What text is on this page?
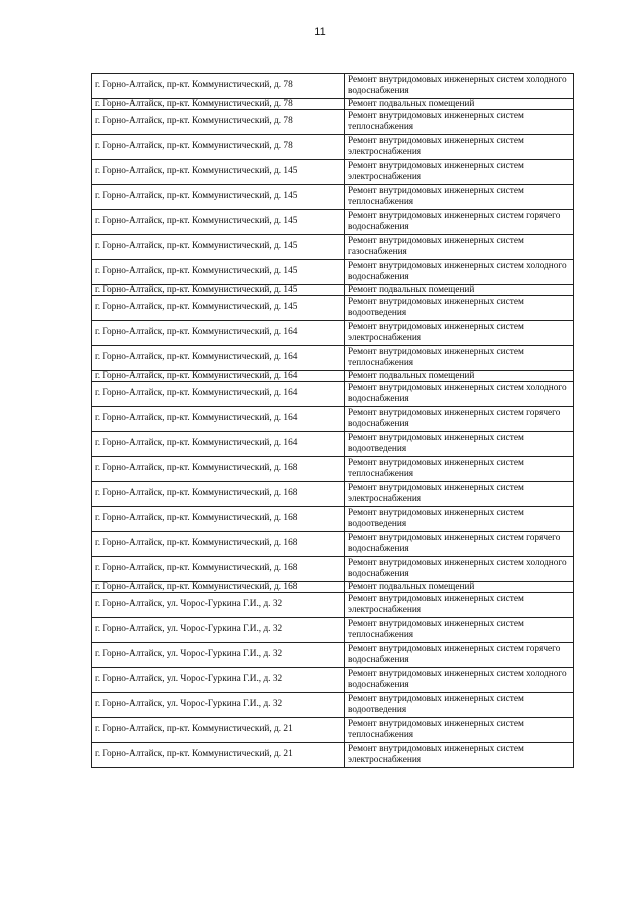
11
г. Горно-Алтайск, пр-кт. Коммунистический, д. 78	Ремонт внутридомовых инженерных систем холодного водоснабжения
г. Горно-Алтайск, пр-кт. Коммунистический, д. 78	Ремонт подвальных помещений
г. Горно-Алтайск, пр-кт. Коммунистический, д. 78	Ремонт внутридомовых инженерных систем теплоснабжения
г. Горно-Алтайск, пр-кт. Коммунистический, д. 78	Ремонт внутридомовых инженерных систем электроснабжения
г. Горно-Алтайск, пр-кт. Коммунистический, д. 145	Ремонт внутридомовых инженерных систем электроснабжения
г. Горно-Алтайск, пр-кт. Коммунистический, д. 145	Ремонт внутридомовых инженерных систем теплоснабжения
г. Горно-Алтайск, пр-кт. Коммунистический, д. 145	Ремонт внутридомовых инженерных систем горячего водоснабжения
г. Горно-Алтайск, пр-кт. Коммунистический, д. 145	Ремонт внутридомовых инженерных систем газоснабжения
г. Горно-Алтайск, пр-кт. Коммунистический, д. 145	Ремонт внутридомовых инженерных систем холодного водоснабжения
г. Горно-Алтайск, пр-кт. Коммунистический, д. 145	Ремонт подвальных помещений
г. Горно-Алтайск, пр-кт. Коммунистический, д. 145	Ремонт внутридомовых инженерных систем водоотведения
г. Горно-Алтайск, пр-кт. Коммунистический, д. 164	Ремонт внутридомовых инженерных систем электроснабжения
г. Горно-Алтайск, пр-кт. Коммунистический, д. 164	Ремонт внутридомовых инженерных систем теплоснабжения
г. Горно-Алтайск, пр-кт. Коммунистический, д. 164	Ремонт подвальных помещений
г. Горно-Алтайск, пр-кт. Коммунистический, д. 164	Ремонт внутридомовых инженерных систем холодного водоснабжения
г. Горно-Алтайск, пр-кт. Коммунистический, д. 164	Ремонт внутридомовых инженерных систем горячего водоснабжения
г. Горно-Алтайск, пр-кт. Коммунистический, д. 164	Ремонт внутридомовых инженерных систем водоотведения
г. Горно-Алтайск, пр-кт. Коммунистический, д. 168	Ремонт внутридомовых инженерных систем теплоснабжения
г. Горно-Алтайск, пр-кт. Коммунистический, д. 168	Ремонт внутридомовых инженерных систем электроснабжения
г. Горно-Алтайск, пр-кт. Коммунистический, д. 168	Ремонт внутридомовых инженерных систем водоотведения
г. Горно-Алтайск, пр-кт. Коммунистический, д. 168	Ремонт внутридомовых инженерных систем горячего водоснабжения
г. Горно-Алтайск, пр-кт. Коммунистический, д. 168	Ремонт внутридомовых инженерных систем холодного водоснабжения
г. Горно-Алтайск, пр-кт. Коммунистический, д. 168	Ремонт подвальных помещений
г. Горно-Алтайск, ул. Чорос-Гуркина Г.И., д. 32	Ремонт внутридомовых инженерных систем электроснабжения
г. Горно-Алтайск, ул. Чорос-Гуркина Г.И., д. 32	Ремонт внутридомовых инженерных систем теплоснабжения
г. Горно-Алтайск, ул. Чорос-Гуркина Г.И., д. 32	Ремонт внутридомовых инженерных систем горячего водоснабжения
г. Горно-Алтайск, ул. Чорос-Гуркина Г.И., д. 32	Ремонт внутридомовых инженерных систем холодного водоснабжения
г. Горно-Алтайск, ул. Чорос-Гуркина Г.И., д. 32	Ремонт внутридомовых инженерных систем водоотведения
г. Горно-Алтайск, пр-кт. Коммунистический, д. 21	Ремонт внутридомовых инженерных систем теплоснабжения
г. Горно-Алтайск, пр-кт. Коммунистический, д. 21	Ремонт внутридомовых инженерных систем электроснабжения
